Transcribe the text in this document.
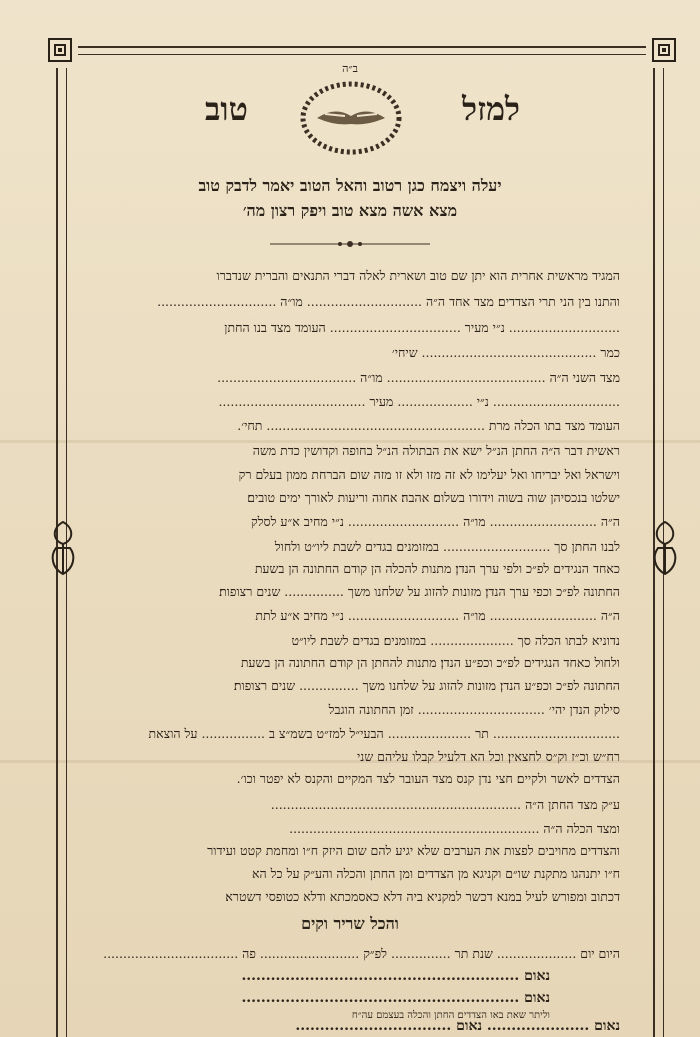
ב״ה
למזל
טוב
יעלה ויצמח כגן רטוב והאל הטוב יאמר לדבק טוב
מצא אשה מצא טוב ויפק רצון מה׳
המגיד מראשית אחרית הוא יתן שם טוב ושארית לאלה דברי התנאים והברית שנדברו
והתנו בין הני תרי הצדדים׃ מצד אחד ה״ה ............................. מו״ה ..............................
............................ נ״י מעיר ................................. העומד מצד בנו החתן
כמר ............................................ שיחי׳
מצד השני ה״ה ........................................ מו״ה ...................................
................................ נ״י ................... מעיר .....................................
העומד מצד בתו הכלה מרת ....................................................... תחי׳.
ראשית דבר ה״ה החתן הנ״ל ישא את הבתולה הנ״ל בחופה וקדושין כדת משה
וישראל ואל יבריחו ואל יעלימו לא זה מזו ולא זו מזה שום הברחת ממון בעלם רק
ישלטו בנכסיהן שוה בשוה וידורו בשלום׃ אהבה׃ אחוה וריעות לאורך ימים טובים׃
ה״ה ........................... מו״ה ............................ נ״י מחיב א״ע לסלק
לבנו החתן סך ........................... במזומנים׃ בגדים לשבת ליו״ט ולחול
כאחד הנגידים לפ״כ ולפי ערך הנדן׃ מתנות להכלה הן קודם החתונה הן בשעת
החתונה לפ״כ וכפי ערך הנדן׃ מזונות להזוג על שלחנו משך ............... שנים רצופות׃
ה״ה ........................... מו״ה ............................ נ״י מחיב א״ע לתת
נדוניא לבתו הכלה סך ..................... במזומנים׃ בגדים לשבת׃ ליו״ט
ולחול כאחד הנגידים לפ״כ וכפ״ע הנדן׃ מתנות להחתן הן קודם החתונה הן בשעת
החתונה לפ״כ וכפ״ע הנדן׃ מזונות להזוג על שלחנו משך ............... שנים רצופות׃
סילוק הנדן יהי׳ ................................ זמן החתונה הוגבל
................................ תר ..................... הבעי״ל למז״ט בשמ״צ ב ................ על הוצאת
רח״ש וכ״ז וק״ס לחצאין׃ וכל הא דלעיל קבלו עליהם שני
הצדדים לאשר ולקיים׃ חצי נדן קנס מצד העובר לצד המקיים והקנס לא יפטר וכו׳.
ע״ק מצד החתן ה״ה ...............................................................
ומצד הכלה ה״ה ...............................................................
והצדדים מחויבים לפצות את הערבים שלא יגיע להם שום היזק ח״ו ומחמת קטט ועידור
ח״ו יתנהגו מתקנת שו״ם וקניגא מן הצדדים ומן החתן והכלה והע״ק על כל הא
דכתוב ומפורש לעיל במנא דכשר למקניא ביה דלא כאסמכתא ודלא כטופסי דשטרא׃
והכל שריר וקים
היום יום .................... שנת תר ............... לפ״ק ......................... פה ..................................
נאום .........................................................
נאום .........................................................
וליתר שאת באו הצדדים׃ החתן והכלה בעצמם עה״ח
נאום ..................... נאום ................................
